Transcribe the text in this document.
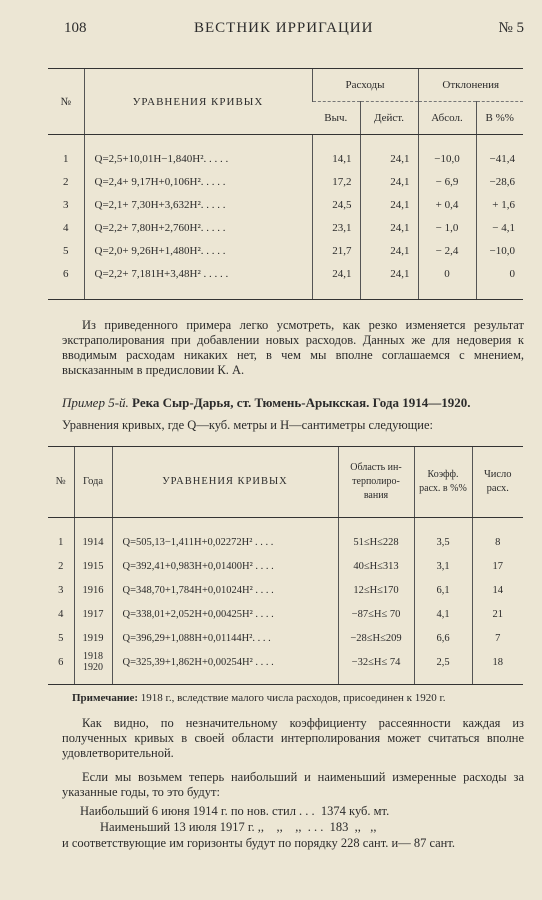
108	ВЕСТНИК ИРРИГАЦИИ	№ 5
№	УРАВНЕНИЯ КРИВЫХ	Расходы		Отклонения	
		Выч.	Дейст.	Абсол.	В %%
1	Q=2,5+10,01H−1,840H². . . . .	14,1	24,1	−10,0	−41,4
2	Q=2,4+ 9,17H+0,106H². . . . .	17,2	24,1	− 6,9	−28,6
3	Q=2,1+ 7,30H+3,632H². . . . .	24,5	24,1	+ 0,4	+ 1,6
4	Q=2,2+ 7,80H+2,760H². . . . .	23,1	24,1	− 1,0	− 4,1
5	Q=2,0+ 9,26H+1,480H². . . . .	21,7	24,1	− 2,4	−10,0
6	Q=2,2+ 7,181H+3,48H² . . . . .	24,1	24,1	0	0

Из приведенного примера легко усмотреть, как резко изменяется результат экстраполирования при добавлении новых расходов. Данных же для недоверия к вводимым расходам никаких нет, в чем мы вполне соглашаемся с мнением, высказанным в предисловии К. А.

Пример 5-й. Река Сыр-Дарья, ст. Тюмень-Арыкская. Года 1914—1920.
Уравнения кривых, где Q—куб. метры и H—сантиметры следующие:
№	Года	УРАВНЕНИЯ КРИВЫХ	Область ин-терполиро-вания	Коэфф. расх. в %%	Число расх.
1	1914	Q=505,13−1,411H+0,02272H² . . . .	51≤H≤228	3,5	8
2	1915	Q=392,41+0,983H+0,01400H² . . . .	40≤H≤313	3,1	17
3	1916	Q=348,70+1,784H+0,01024H² . . . .	12≤H≤170	6,1	14
4	1917	Q=338,01+2,052H+0,00425H² . . . .	−87≤H≤ 70	4,1	21
5	1919	Q=396,29+1,088H+0,01144H². . . .	−28≤H≤209	6,6	7
6	1918 1920	Q=325,39+1,862H+0,00254H² . . . .	−32≤H≤ 74	2,5	18
Примечание: 1918 г., вследствие малого числа расходов, присоединен к 1920 г.

Как видно, по незначительному коэффициенту рассеянности каждая из полученных кривых в своей области интерполирования может считаться вполне удовлетворительной.

Если мы возьмем теперь наибольший и наименьший измеренные расходы за указанные годы, то это будут:

Наибольший 6 июня 1914 г. по нов. стил . . .  1374 куб. мт.
Наименьший 13 июля 1917 г. ,,    ,,    ,,  . . .  183  ,,   ,,
и соответствующие им горизонты будут по порядку 228 сант. и— 87 сант.
